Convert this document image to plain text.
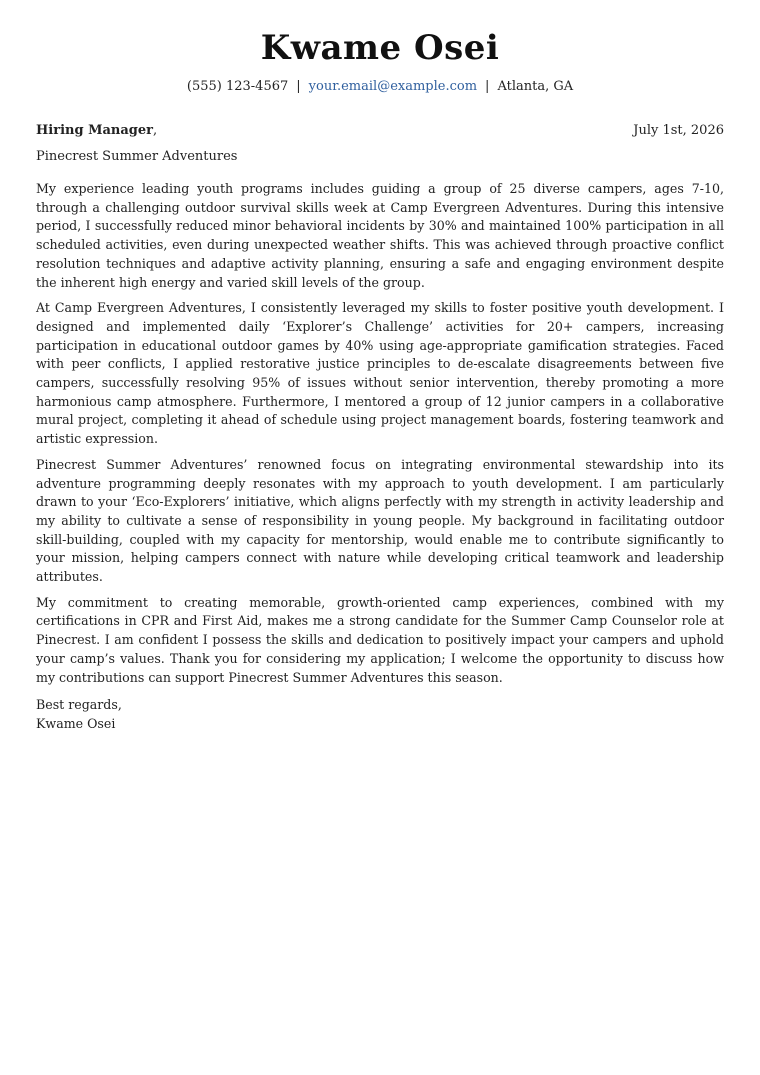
Kwame Osei
(555) 123-4567 | your.email@example.com | Atlanta, GA
Hiring Manager,	July 1st, 2026
Pinecrest Summer Adventures

My experience leading youth programs includes guiding a group of 25 diverse campers, ages 7-10, through a challenging outdoor survival skills week at Camp Evergreen Adventures. During this intensive period, I successfully reduced minor behavioral incidents by 30% and maintained 100% participation in all scheduled activities, even during unexpected weather shifts. This was achieved through proactive conflict resolution techniques and adaptive activity planning, ensuring a safe and engaging environment despite the inherent high energy and varied skill levels of the group.

At Camp Evergreen Adventures, I consistently leveraged my skills to foster positive youth development. I designed and implemented daily ‘Explorer’s Challenge’ activities for 20+ campers, increasing participation in educational outdoor games by 40% using age-appropriate gamification strategies. Faced with peer conflicts, I applied restorative justice principles to de-escalate disagreements between five campers, successfully resolving 95% of issues without senior intervention, thereby promoting a more harmonious camp atmosphere. Furthermore, I mentored a group of 12 junior campers in a collaborative mural project, completing it ahead of schedule using project management boards, fostering teamwork and artistic expression.

Pinecrest Summer Adventures’ renowned focus on integrating environmental stewardship into its adventure programming deeply resonates with my approach to youth development. I am particularly drawn to your ‘Eco-Explorers’ initiative, which aligns perfectly with my strength in activity leadership and my ability to cultivate a sense of responsibility in young people. My background in facilitating outdoor skill-building, coupled with my capacity for mentorship, would enable me to contribute significantly to your mission, helping campers connect with nature while developing critical teamwork and leadership attributes.

My commitment to creating memorable, growth-oriented camp experiences, combined with my certifications in CPR and First Aid, makes me a strong candidate for the Summer Camp Counselor role at Pinecrest. I am confident I possess the skills and dedication to positively impact your campers and uphold your camp’s values. Thank you for considering my application; I welcome the opportunity to discuss how my contributions can support Pinecrest Summer Adventures this season.

Best regards,
Kwame Osei
